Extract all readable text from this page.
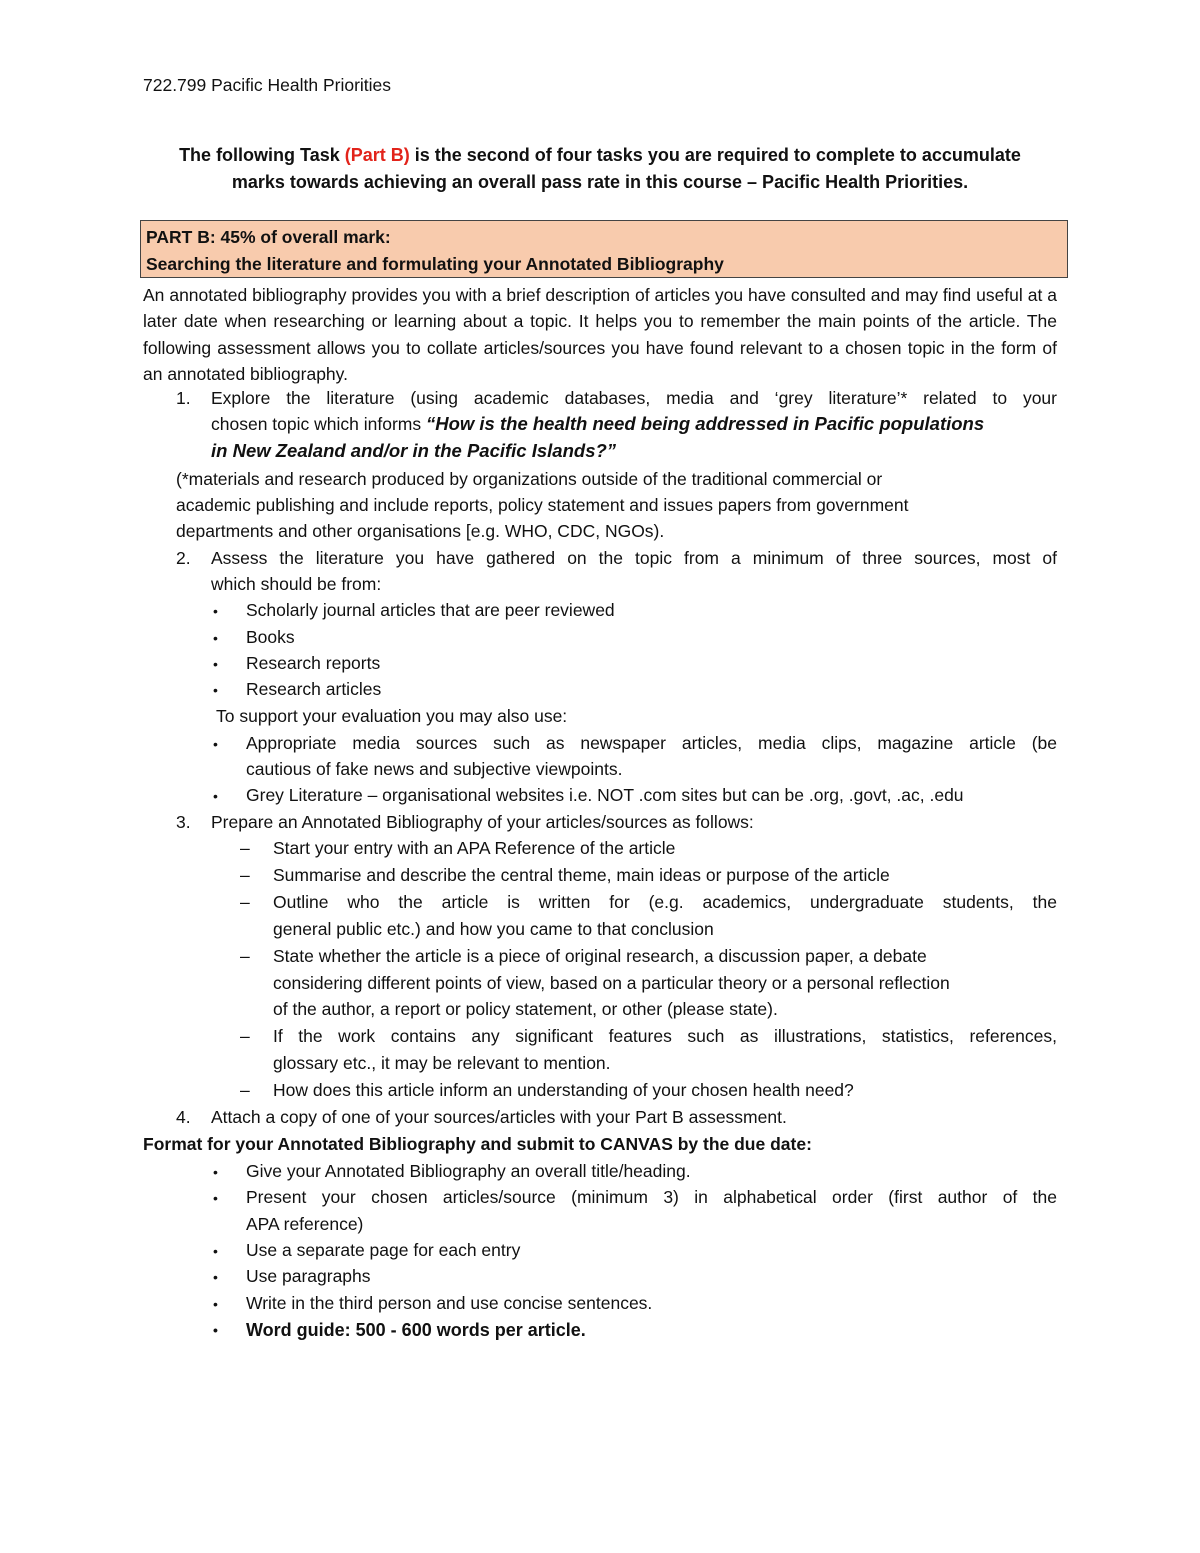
722.799 Pacific Health Priorities
The following Task (Part B) is the second of four tasks you are required to complete to accumulate
marks towards achieving an overall pass rate in this course – Pacific Health Priorities.
PART B: 45% of overall mark:
Searching the literature and formulating your Annotated Bibliography
An annotated bibliography provides you with a brief description of articles you have consulted and may find useful at a later date when researching or learning about a topic. It helps you to remember the main points of the article. The following assessment allows you to collate articles/sources you have found relevant to a chosen topic in the form of an annotated bibliography.
1. Explore the literature (using academic databases, media and ‘grey literature’* related to your
chosen topic which informs “How is the health need being addressed in Pacific populations
in New Zealand and/or in the Pacific Islands?”
(*materials and research produced by organizations outside of the traditional commercial or
academic publishing and include reports, policy statement and issues papers from government
departments and other organisations [e.g. WHO, CDC, NGOs).
2. Assess the literature you have gathered on the topic from a minimum of three sources, most of
which should be from:
• Scholarly journal articles that are peer reviewed
• Books
• Research reports
• Research articles
To support your evaluation you may also use:
• Appropriate media sources such as newspaper articles, media clips, magazine article (be
cautious of fake news and subjective viewpoints.
• Grey Literature – organisational websites i.e. NOT .com sites but can be .org, .govt, .ac, .edu
3. Prepare an Annotated Bibliography of your articles/sources as follows:
– Start your entry with an APA Reference of the article
– Summarise and describe the central theme, main ideas or purpose of the article
– Outline who the article is written for (e.g. academics, undergraduate students, the
general public etc.) and how you came to that conclusion
– State whether the article is a piece of original research, a discussion paper, a debate
considering different points of view, based on a particular theory or a personal reflection
of the author, a report or policy statement, or other (please state).
– If the work contains any significant features such as illustrations, statistics, references,
glossary etc., it may be relevant to mention.
– How does this article inform an understanding of your chosen health need?
4. Attach a copy of one of your sources/articles with your Part B assessment.
Format for your Annotated Bibliography and submit to CANVAS by the due date:
• Give your Annotated Bibliography an overall title/heading.
• Present your chosen articles/source (minimum 3) in alphabetical order (first author of the
APA reference)
• Use a separate page for each entry
• Use paragraphs
• Write in the third person and use concise sentences.
• Word guide: 500 - 600 words per article.
